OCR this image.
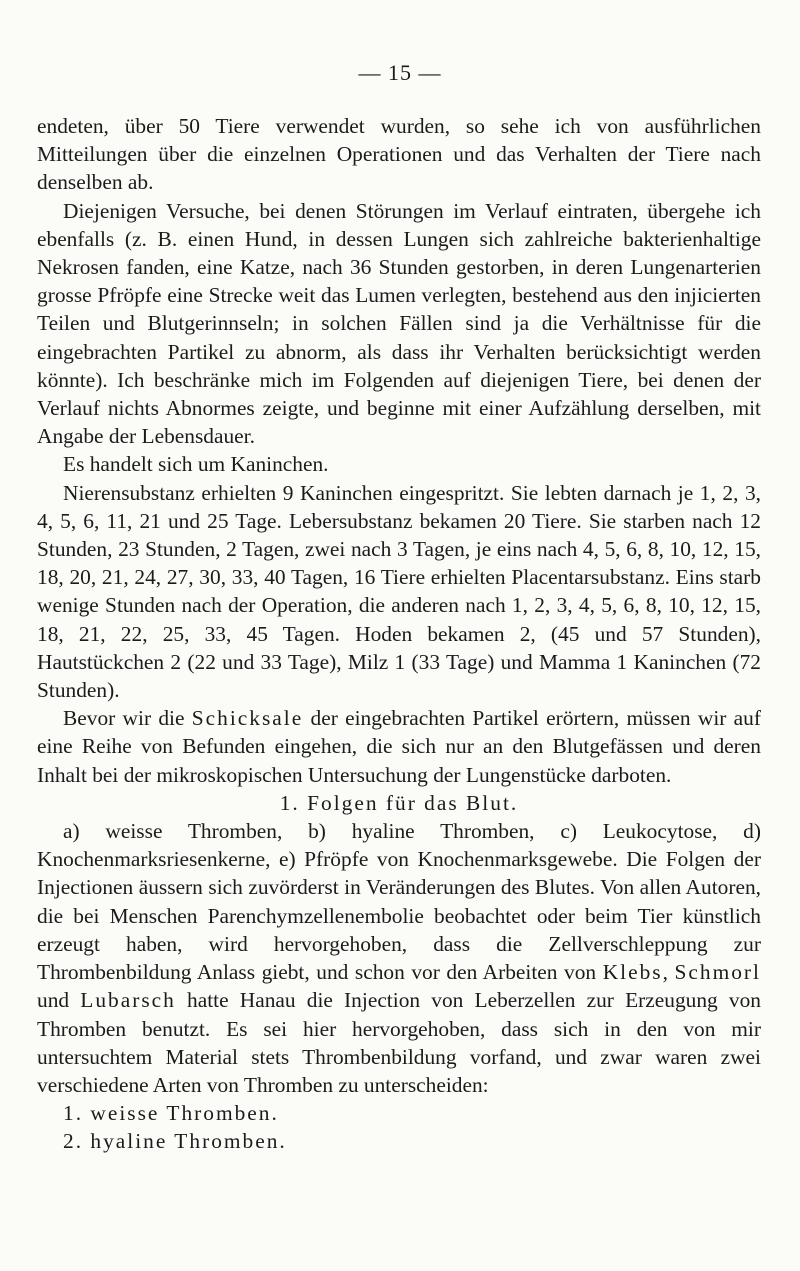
— 15 —

endeten, über 50 Tiere verwendet wurden, so sehe ich von ausführlichen Mitteilungen über die einzelnen Operationen und das Verhalten der Tiere nach denselben ab.

Diejenigen Versuche, bei denen Störungen im Verlauf eintraten, übergehe ich ebenfalls (z. B. einen Hund, in dessen Lungen sich zahlreiche bakterienhaltige Nekrosen fanden, eine Katze, nach 36 Stunden gestorben, in deren Lungenarterien grosse Pfröpfe eine Strecke weit das Lumen verlegten, bestehend aus den injicierten Teilen und Blutgerinnseln; in solchen Fällen sind ja die Verhältnisse für die eingebrachten Partikel zu abnorm, als dass ihr Verhalten berücksichtigt werden könnte). Ich beschränke mich im Folgenden auf diejenigen Tiere, bei denen der Verlauf nichts Abnormes zeigte, und beginne mit einer Aufzählung derselben, mit Angabe der Lebensdauer.

Es handelt sich um Kaninchen.

Nierensubstanz erhielten 9 Kaninchen eingespritzt. Sie lebten darnach je 1, 2, 3, 4, 5, 6, 11, 21 und 25 Tage. Lebersubstanz bekamen 20 Tiere. Sie starben nach 12 Stunden, 23 Stunden, 2 Tagen, zwei nach 3 Tagen, je eins nach 4, 5, 6, 8, 10, 12, 15, 18, 20, 21, 24, 27, 30, 33, 40 Tagen, 16 Tiere erhielten Placentarsubstanz. Eins starb wenige Stunden nach der Operation, die anderen nach 1, 2, 3, 4, 5, 6, 8, 10, 12, 15, 18, 21, 22, 25, 33, 45 Tagen. Hoden bekamen 2, (45 und 57 Stunden), Hautstückchen 2 (22 und 33 Tage), Milz 1 (33 Tage) und Mamma 1 Kaninchen (72 Stunden).

Bevor wir die Schicksale der eingebrachten Partikel erörtern, müssen wir auf eine Reihe von Befunden eingehen, die sich nur an den Blutgefässen und deren Inhalt bei der mikroskopischen Untersuchung der Lungenstücke darboten.

1. Folgen für das Blut.

a) weisse Thromben, b) hyaline Thromben, c) Leukocytose, d) Knochenmarksriesenkerne, e) Pfröpfe von Knochenmarksgewebe. Die Folgen der Injectionen äussern sich zuvörderst in Veränderungen des Blutes. Von allen Autoren, die bei Menschen Parenchymzellenembolie beobachtet oder beim Tier künstlich erzeugt haben, wird hervorgehoben, dass die Zellverschleppung zur Thrombenbildung Anlass giebt, und schon vor den Arbeiten von Klebs, Schmorl und Lubarsch hatte Hanau die Injection von Leberzellen zur Erzeugung von Thromben benutzt. Es sei hier hervorgehoben, dass sich in den von mir untersuchtem Material stets Thrombenbildung vorfand, und zwar waren zwei verschiedene Arten von Thromben zu unterscheiden:

1. weisse Thromben.
2. hyaline Thromben.
